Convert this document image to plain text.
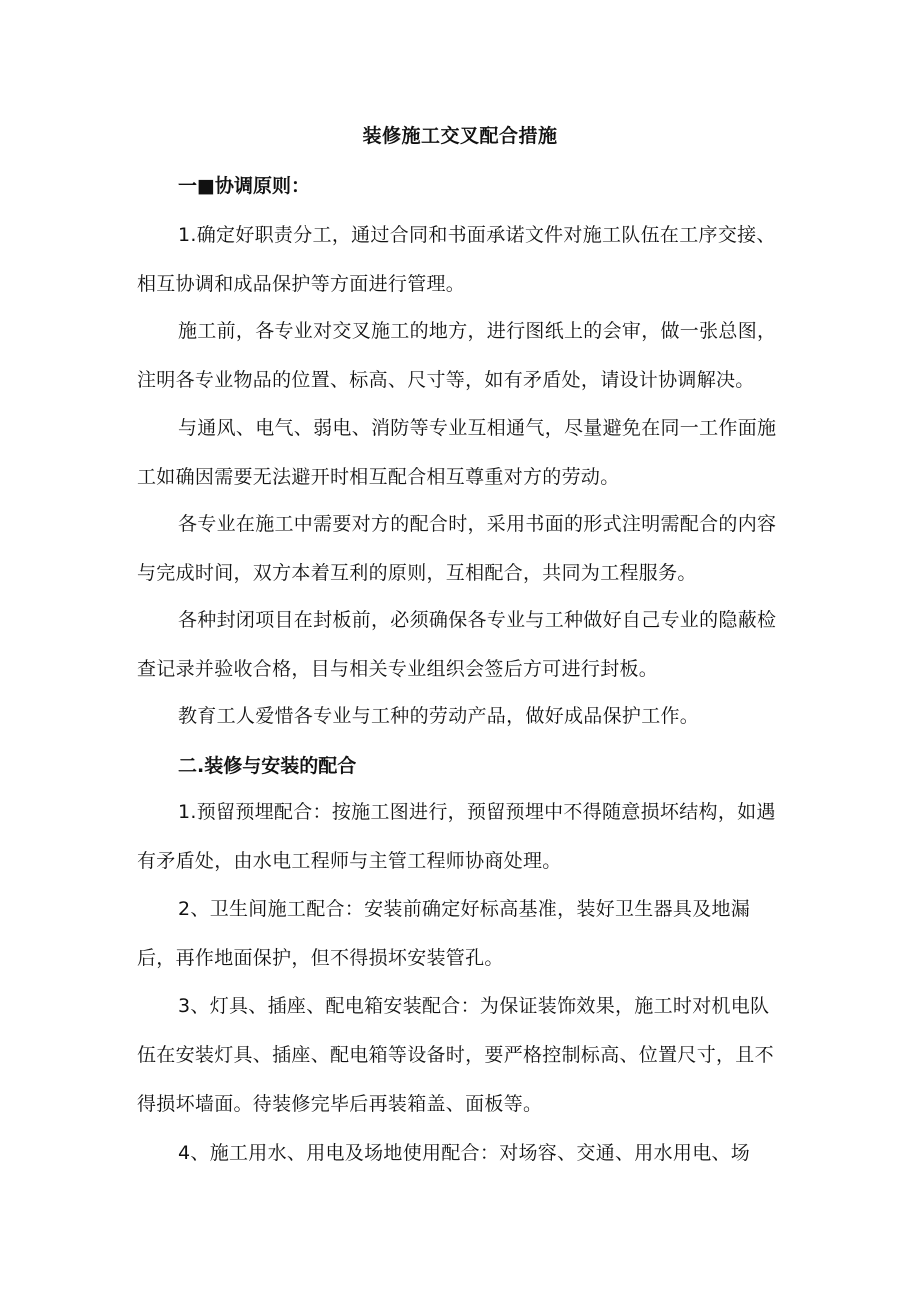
装修施工交叉配合措施
一■协调原则：
1.确定好职责分工，通过合同和书面承诺文件对施工队伍在工序交接、相互协调和成品保护等方面进行管理。
施工前，各专业对交叉施工的地方，进行图纸上的会审，做一张总图，注明各专业物品的位置、标高、尺寸等，如有矛盾处，请设计协调解决。
与通风、电气、弱电、消防等专业互相通气，尽量避免在同一工作面施工如确因需要无法避开时相互配合相互尊重对方的劳动。
各专业在施工中需要对方的配合时，采用书面的形式注明需配合的内容与完成时间，双方本着互利的原则，互相配合，共同为工程服务。
各种封闭项目在封板前，必须确保各专业与工种做好自己专业的隐蔽检查记录并验收合格，目与相关专业组织会签后方可进行封板。
教育工人爱惜各专业与工种的劳动产品，做好成品保护工作。
二.装修与安装的配合
1.预留预埋配合：按施工图进行，预留预埋中不得随意损坏结构，如遇有矛盾处，由水电工程师与主管工程师协商处理。
2、卫生间施工配合：安装前确定好标高基准，装好卫生器具及地漏后，再作地面保护，但不得损坏安装管孔。
3、灯具、插座、配电箱安装配合：为保证装饰效果，施工时对机电队伍在安装灯具、插座、配电箱等设备时，要严格控制标高、位置尺寸，且不得损坏墙面。待装修完毕后再装箱盖、面板等。
4、施工用水、用电及场地使用配合：对场容、交通、用水用电、场
